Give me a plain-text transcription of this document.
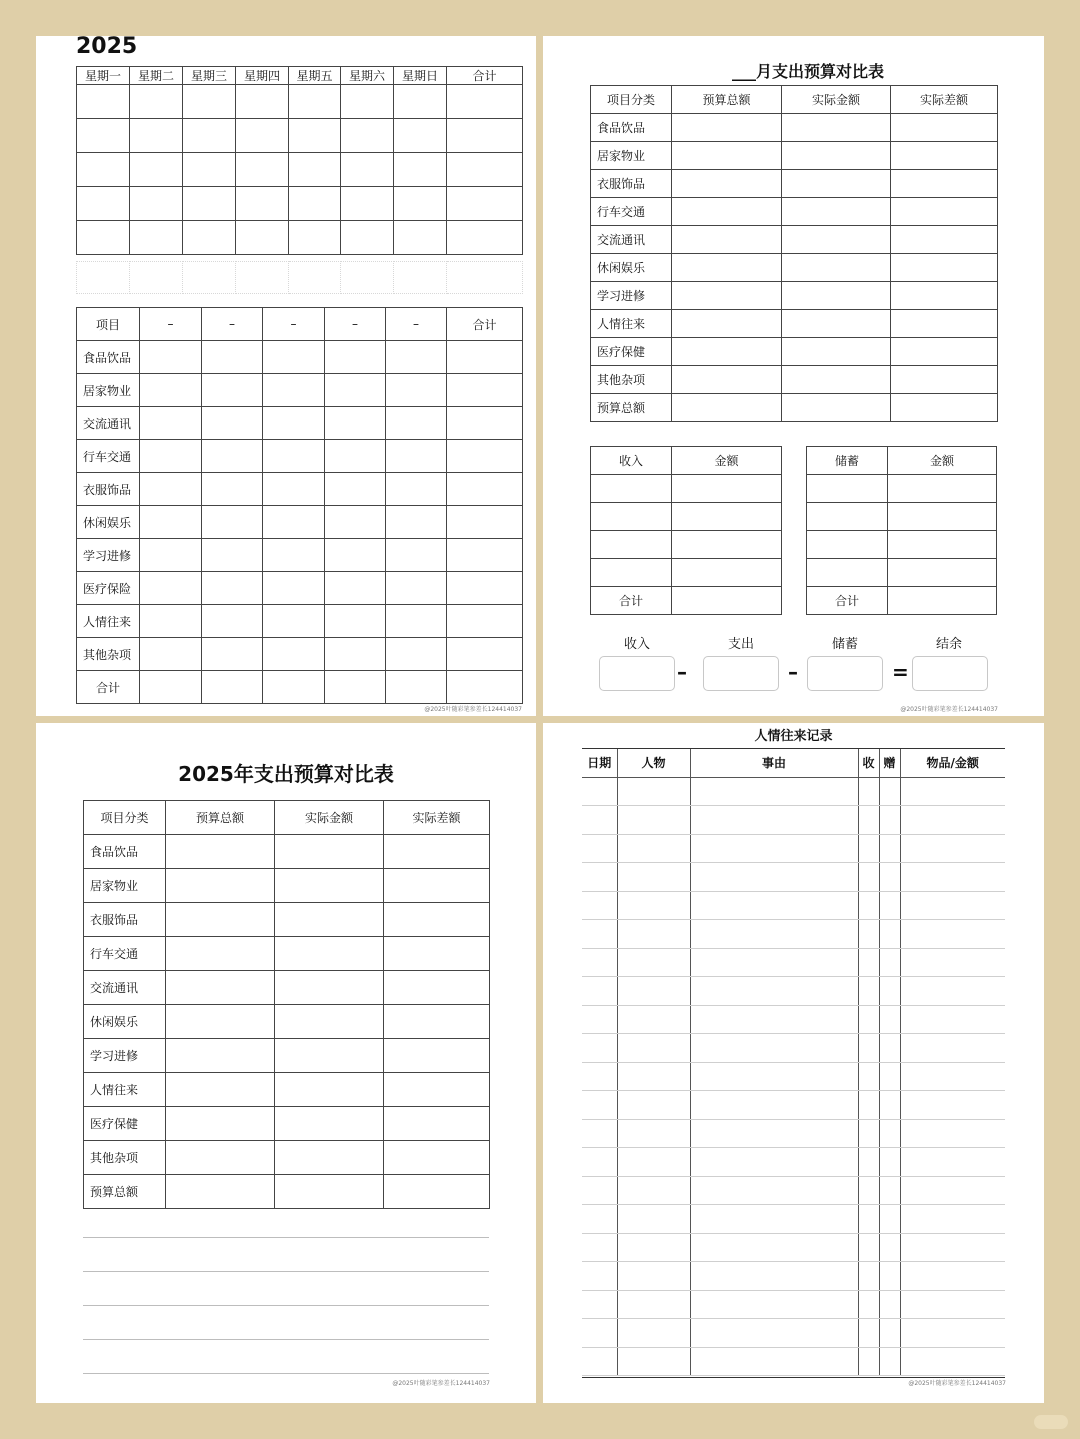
2025
星期一	星期二	星期三	星期四	星期五	星期六	星期日	合计

项目	–	–	–	–	–	合计
食品饮品						
居家物业						
交流通讯						
行车交通						
衣服饰品						
休闲娱乐						
学习进修						
医疗保险						
人情往来						
其他杂项						
合计						
@2025叶随彩笔参差长124414037
___月支出预算对比表
项目分类	预算总额	实际金额	实际差额
食品饮品			
居家物业			
衣服饰品			
行车交通			
交流通讯			
休闲娱乐			
学习进修			
人情往来			
医疗保健			
其他杂项			
预算总额			
收入	金额

合计	
储蓄	金额

合计	
收入	支出	储蓄	结余
–	–	=
@2025叶随彩笔参差长124414037
2025年支出预算对比表
项目分类	预算总额	实际金额	实际差额
食品饮品			
居家物业			
衣服饰品			
行车交通			
交流通讯			
休闲娱乐			
学习进修			
人情往来			
医疗保健			
其他杂项			
预算总额			
@2025叶随彩笔参差长124414037
人情往来记录
日期	人物	事由	收	赠	物品/金额

@2025叶随彩笔参差长124414037
